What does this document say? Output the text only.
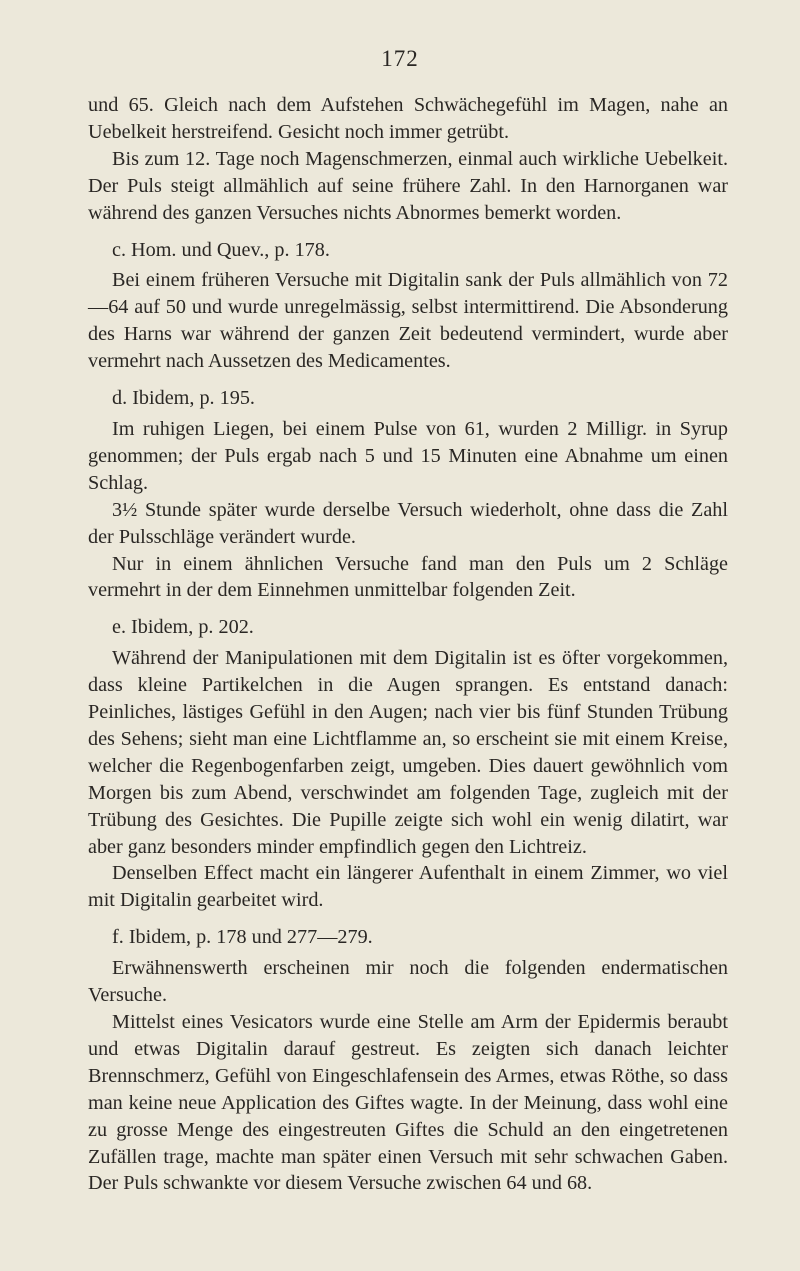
172

und 65. Gleich nach dem Aufstehen Schwächegefühl im Magen, nahe an Uebelkeit herstreifend. Gesicht noch immer getrübt.

Bis zum 12. Tage noch Magenschmerzen, einmal auch wirkliche Uebelkeit. Der Puls steigt allmählich auf seine frühere Zahl. In den Harnorganen war während des ganzen Versuches nichts Abnormes bemerkt worden.

c. Hom. und Quev., p. 178.

Bei einem früheren Versuche mit Digitalin sank der Puls allmählich von 72—64 auf 50 und wurde unregelmässig, selbst intermittirend. Die Absonderung des Harns war während der ganzen Zeit bedeutend vermindert, wurde aber vermehrt nach Aussetzen des Medicamentes.

d. Ibidem, p. 195.

Im ruhigen Liegen, bei einem Pulse von 61, wurden 2 Milligr. in Syrup genommen; der Puls ergab nach 5 und 15 Minuten eine Abnahme um einen Schlag.

3½ Stunde später wurde derselbe Versuch wiederholt, ohne dass die Zahl der Pulsschläge verändert wurde.

Nur in einem ähnlichen Versuche fand man den Puls um 2 Schläge vermehrt in der dem Einnehmen unmittelbar folgenden Zeit.

e. Ibidem, p. 202.

Während der Manipulationen mit dem Digitalin ist es öfter vorgekommen, dass kleine Partikelchen in die Augen sprangen. Es entstand danach: Peinliches, lästiges Gefühl in den Augen; nach vier bis fünf Stunden Trübung des Sehens; sieht man eine Lichtflamme an, so erscheint sie mit einem Kreise, welcher die Regenbogenfarben zeigt, umgeben. Dies dauert gewöhnlich vom Morgen bis zum Abend, verschwindet am folgenden Tage, zugleich mit der Trübung des Gesichtes. Die Pupille zeigte sich wohl ein wenig dilatirt, war aber ganz besonders minder empfindlich gegen den Lichtreiz.

Denselben Effect macht ein längerer Aufenthalt in einem Zimmer, wo viel mit Digitalin gearbeitet wird.

f. Ibidem, p. 178 und 277—279.

Erwähnenswerth erscheinen mir noch die folgenden endermatischen Versuche.

Mittelst eines Vesicators wurde eine Stelle am Arm der Epidermis beraubt und etwas Digitalin darauf gestreut. Es zeigten sich danach leichter Brennschmerz, Gefühl von Eingeschlafensein des Armes, etwas Röthe, so dass man keine neue Application des Giftes wagte. In der Meinung, dass wohl eine zu grosse Menge des eingestreuten Giftes die Schuld an den eingetretenen Zufällen trage, machte man später einen Versuch mit sehr schwachen Gaben. Der Puls schwankte vor diesem Versuche zwischen 64 und 68.
